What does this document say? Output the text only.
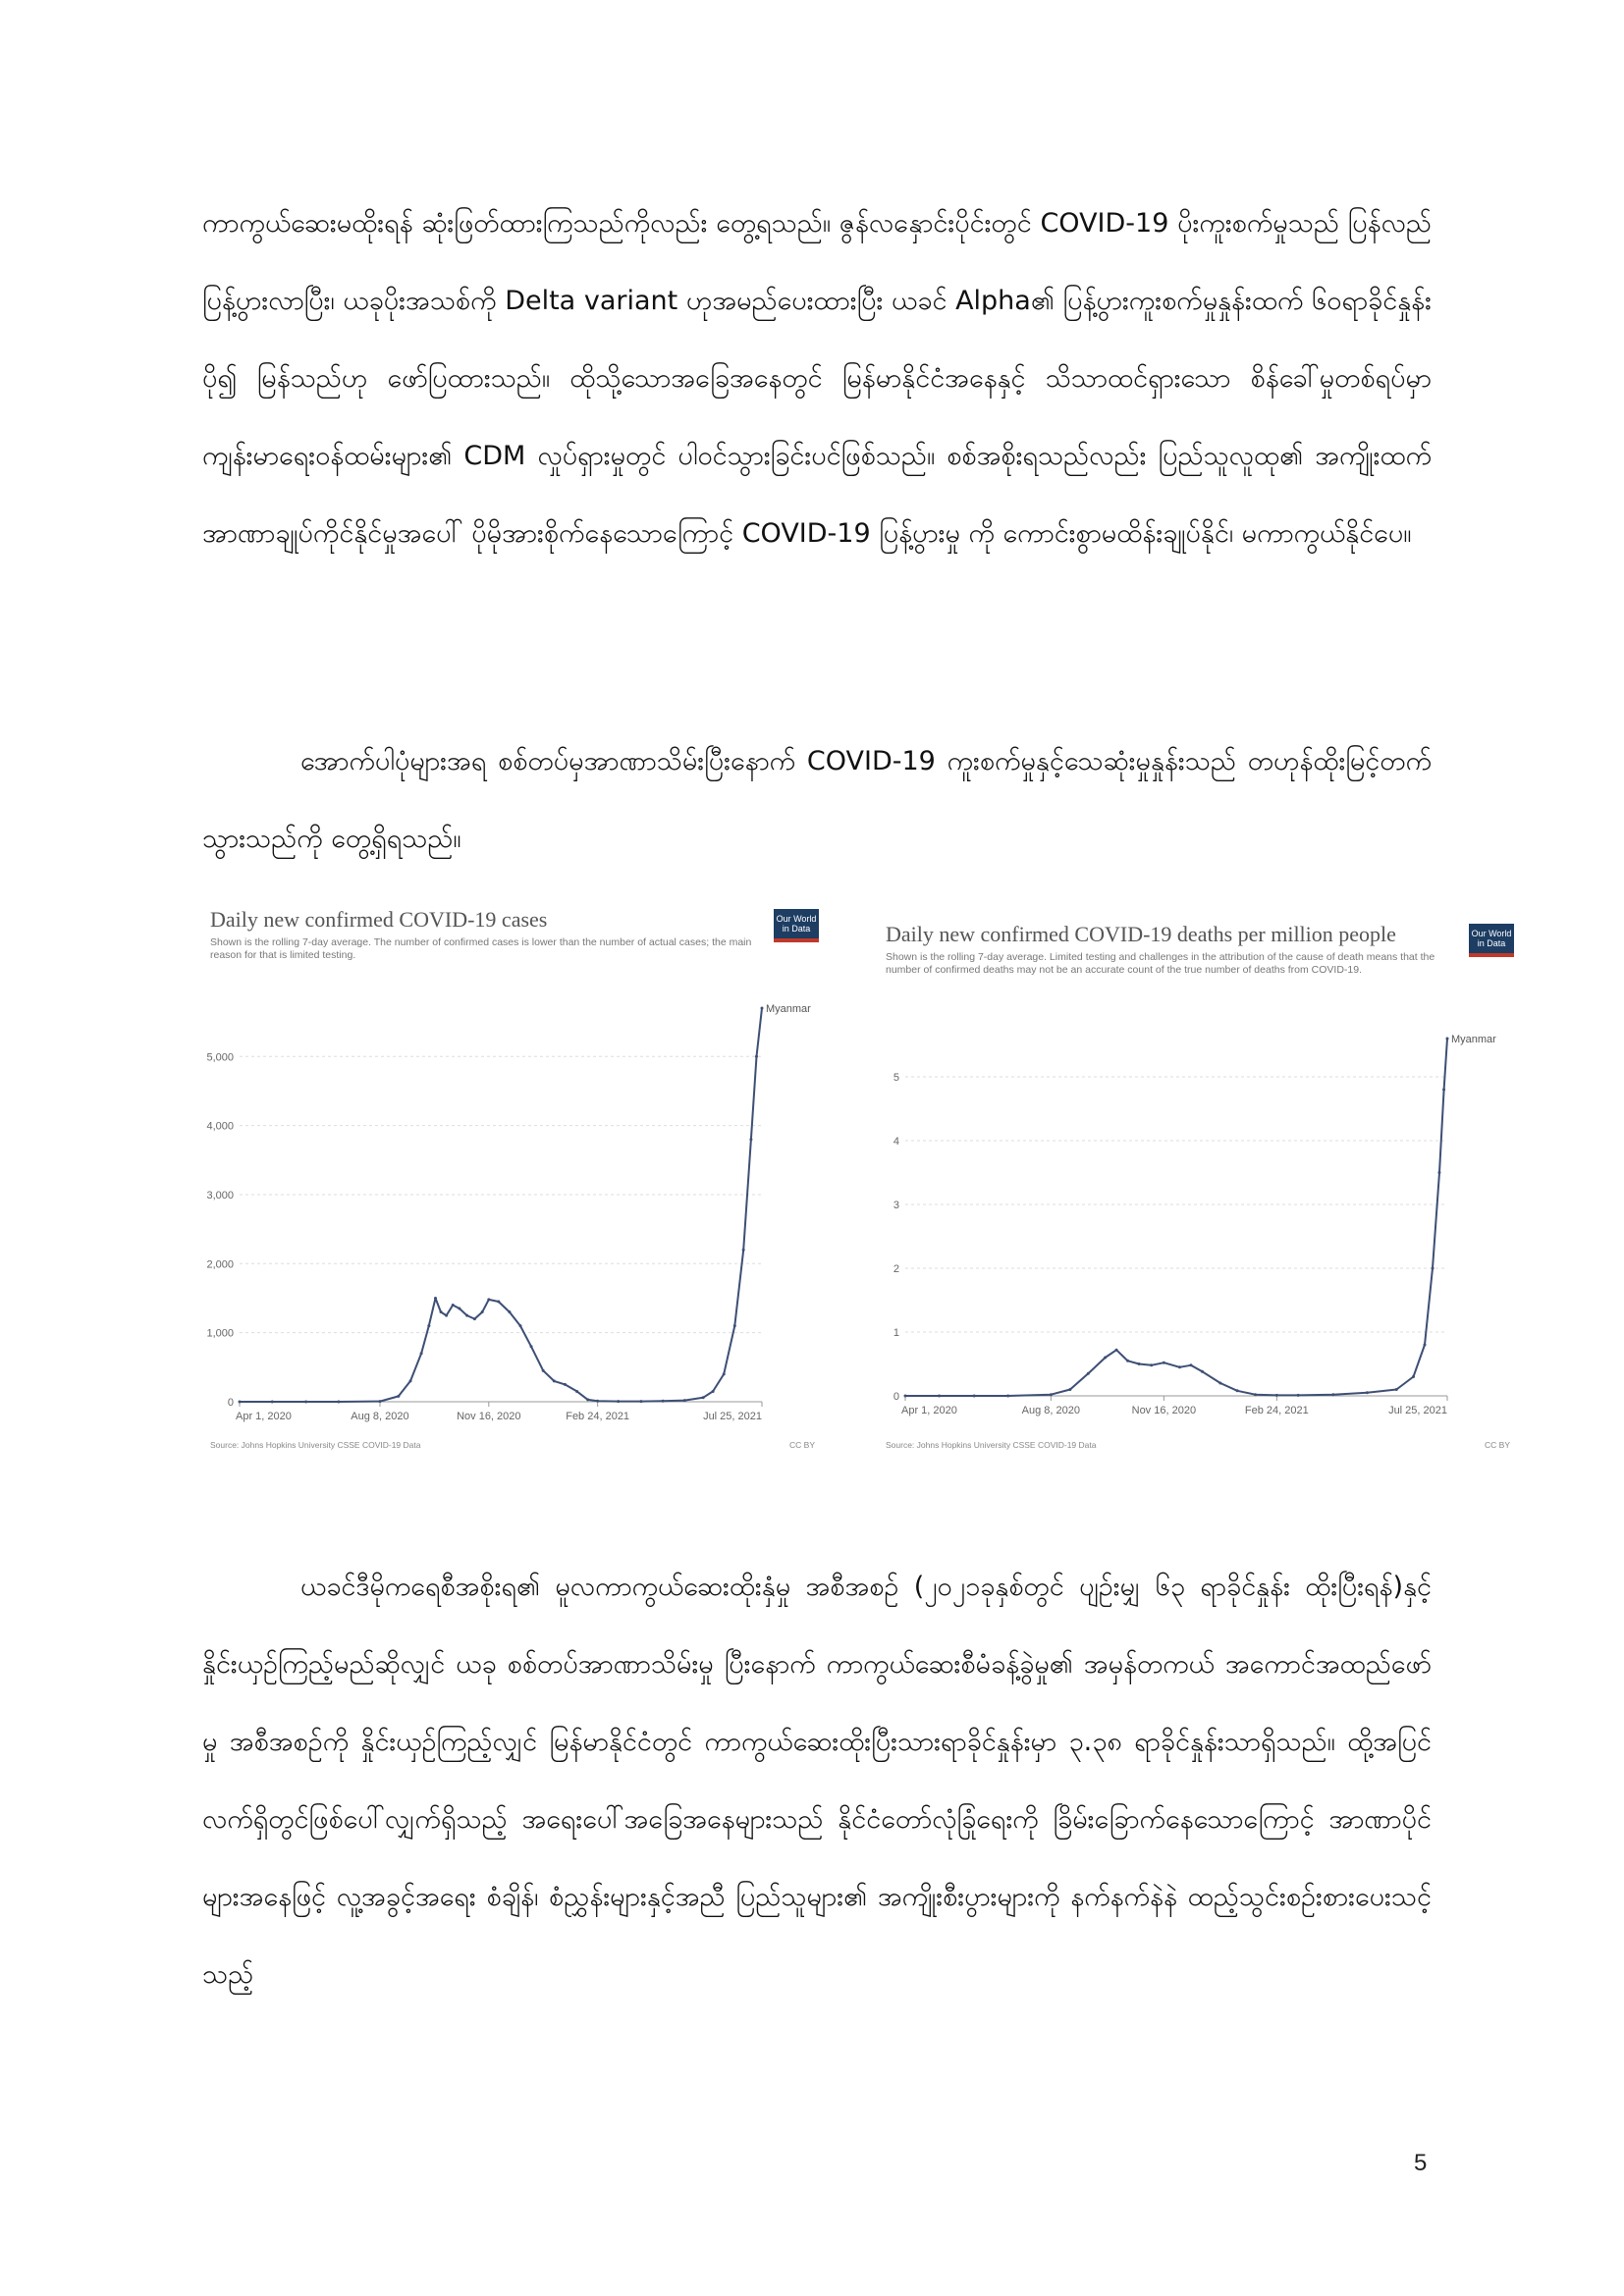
ကာကွယ်ဆေးမထိုးရန် ဆုံးဖြတ်ထားကြသည်ကိုလည်း တွေ့ရသည်။ ဇွန်လနှောင်းပိုင်းတွင် COVID-19 ပိုးကူးစက်မှုသည် ပြန်လည် ပြန့်ပွားလာပြီး၊ ယခုပိုးအသစ်ကို Delta variant ဟုအမည်ပေးထားပြီး ယခင် Alpha၏ ပြန့်ပွားကူးစက်မှုနှုန်းထက် ၆၀ရာခိုင်နှုန်းပို၍ မြန်သည်ဟု ဖော်ပြထားသည်။ ထိုသို့သောအခြေအနေတွင် မြန်မာနိုင်ငံအနေနှင့် သိသာထင်ရှားသော စိန်ခေါ်မှုတစ်ရပ်မှာ ကျန်းမာရေးဝန်ထမ်းများ၏ CDM လှုပ်ရှားမှုတွင် ပါဝင်သွားခြင်းပင်ဖြစ်သည်။ စစ်အစိုးရသည်လည်း ပြည်သူလူထု၏ အကျိုးထက် အာဏာချုပ်ကိုင်နိုင်မှုအပေါ် ပိုမိုအားစိုက်နေသောကြောင့် COVID-19 ပြန့်ပွားမှု ကို ကောင်းစွာမထိန်းချုပ်နိုင်၊ မကာကွယ်နိုင်ပေ။

အောက်ပါပုံများအရ စစ်တပ်မှအာဏာသိမ်းပြီးနောက် COVID-19 ကူးစက်မှုနှင့်သေဆုံးမှုနှုန်းသည် တဟုန်ထိုးမြင့်တက်သွားသည်ကို တွေ့ရှိရသည်။

0
1,000
2,000
3,000
4,000
5,000
Apr 1, 2020	Aug 8, 2020	Nov 16, 2020	Feb 24, 2021	Jul 25, 2021
Myanmar
Daily new confirmed COVID-19 cases
Shown is the rolling 7-day average. The number of confirmed cases is lower than the number of actual cases; the main reason for that is limited testing.
Our World in Data
Source: Johns Hopkins University CSSE COVID-19 Data	CC BY
0
1
2
3
4
5
Apr 1, 2020	Aug 8, 2020	Nov 16, 2020	Feb 24, 2021	Jul 25, 2021
Myanmar
Daily new confirmed COVID-19 deaths per million people
Shown is the rolling 7-day average. Limited testing and challenges in the attribution of the cause of death means that the number of confirmed deaths may not be an accurate count of the true number of deaths from COVID-19.
Our World in Data
Source: Johns Hopkins University CSSE COVID-19 Data	CC BY

ယခင်ဒီမိုကရေစီအစိုးရ၏ မူလကာကွယ်ဆေးထိုးနှံမှု အစီအစဉ် (၂၀၂၁ခုနှစ်တွင် ပျဉ်းမျှ ၆၃ ရာခိုင်နှုန်း ထိုးပြီးရန်)နှင့် နှိုင်းယှဉ်ကြည့်မည်ဆိုလျှင် ယခု စစ်တပ်အာဏာသိမ်းမှု ပြီးနောက် ကာကွယ်ဆေးစီမံခန့်ခွဲမှု၏ အမှန်တကယ် အကောင်အထည်ဖော်မှု အစီအစဉ်ကို နှိုင်းယှဉ်ကြည့်လျှင် မြန်မာနိုင်ငံတွင် ကာကွယ်ဆေးထိုးပြီးသားရာခိုင်နှုန်းမှာ ၃.၃၈ ရာခိုင်နှုန်းသာရှိသည်။ ထို့အပြင် လက်ရှိတွင်ဖြစ်ပေါ်လျှက်ရှိသည့် အရေးပေါ်အခြေအနေများသည် နိုင်ငံတော်လုံခြုံရေးကို ခြိမ်းခြောက်နေသောကြောင့် အာဏာပိုင်များအနေဖြင့် လူ့အခွင့်အရေး စံချိန်၊ စံညွှန်းများနှင့်အညီ ပြည်သူများ၏ အကျိုးစီးပွားများကို နက်နက်နဲနဲ ထည့်သွင်းစဉ်းစားပေးသင့်သည့်

5
